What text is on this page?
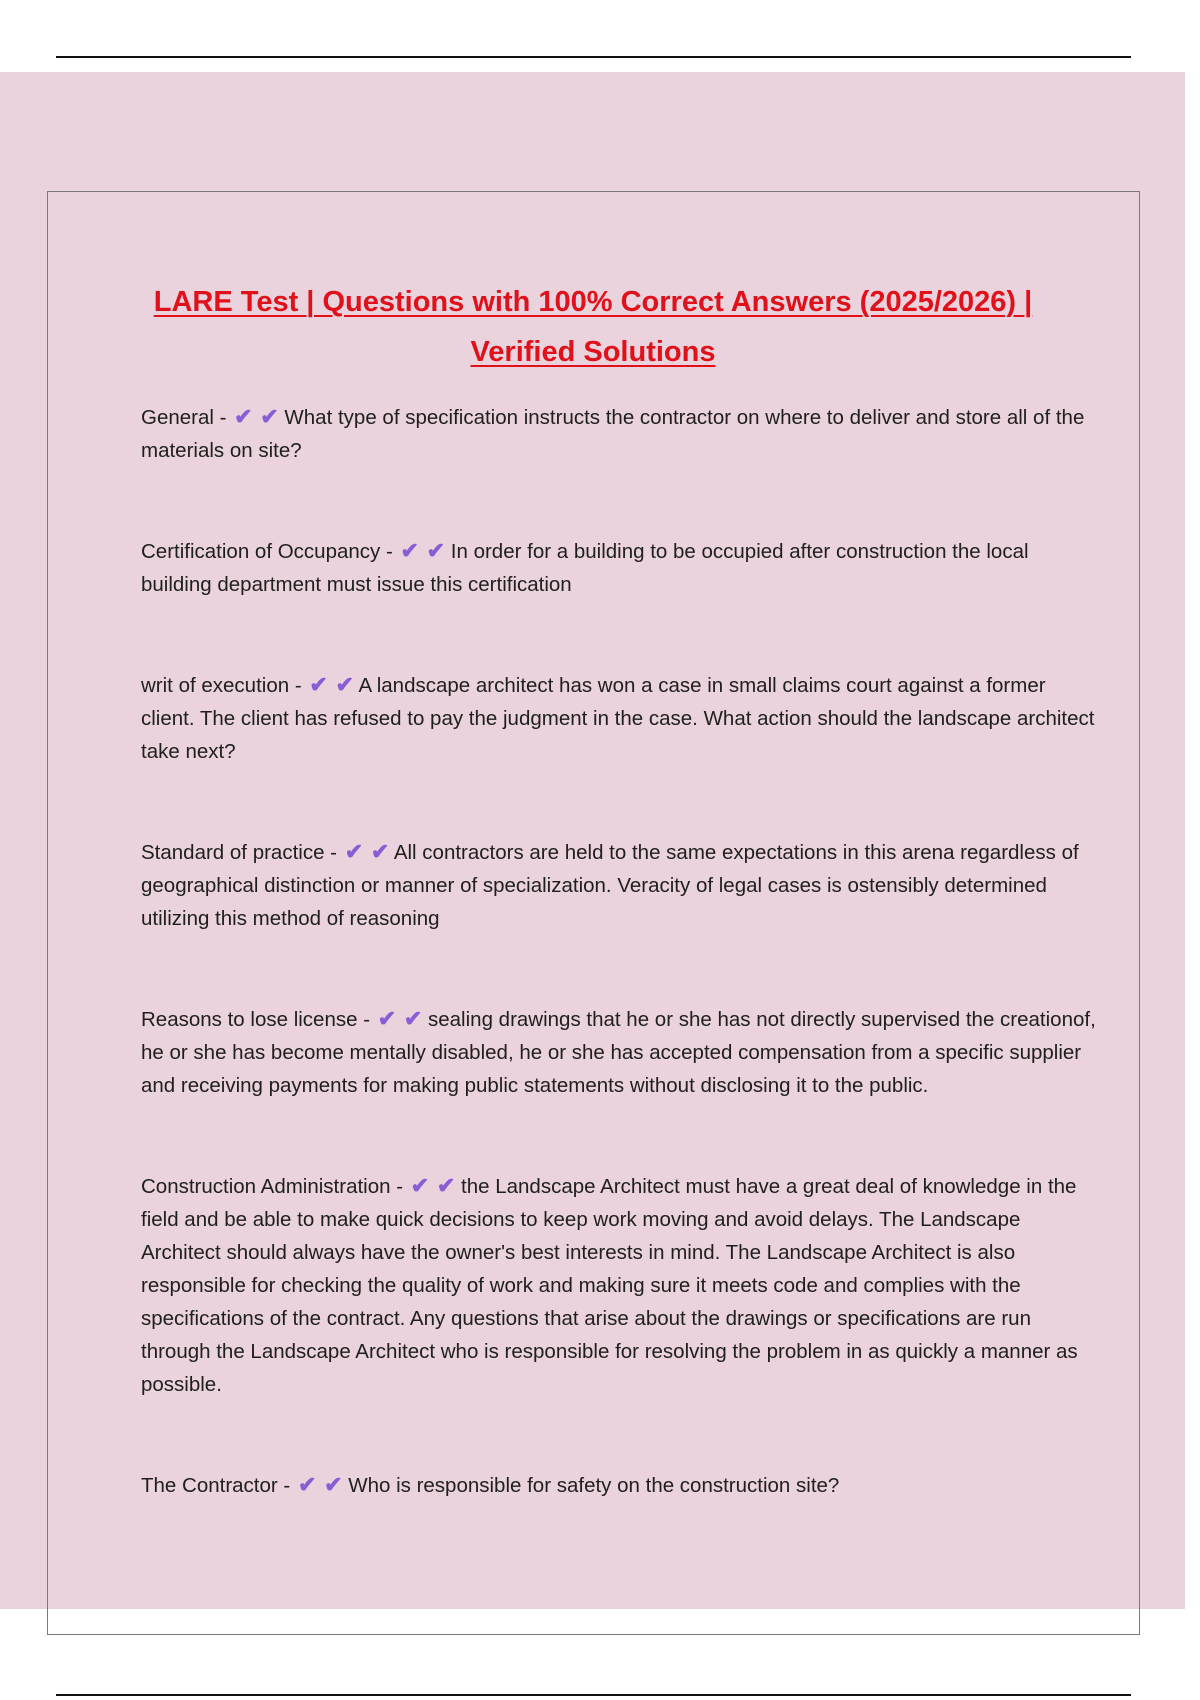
LARE Test | Questions with 100% Correct Answers (2025/2026) | Verified Solutions

General - ✔ ✔ What type of specification instructs the contractor on where to deliver and store all of the materials on site?

Certification of Occupancy - ✔ ✔ In order for a building to be occupied after construction the local building department must issue this certification

writ of execution - ✔ ✔ A landscape architect has won a case in small claims court against a former client. The client has refused to pay the judgment in the case. What action should the landscape architect take next?

Standard of practice - ✔ ✔ All contractors are held to the same expectations in this arena regardless of geographical distinction or manner of specialization. Veracity of legal cases is ostensibly determined utilizing this method of reasoning

Reasons to lose license - ✔ ✔ sealing drawings that he or she has not directly supervised the creationof, he or she has become mentally disabled, he or she has accepted compensation from a specific supplier and receiving payments for making public statements without disclosing it to the public.

Construction Administration - ✔ ✔ the Landscape Architect must have a great deal of knowledge in the field and be able to make quick decisions to keep work moving and avoid delays. The Landscape Architect should always have the owner's best interests in mind. The Landscape Architect is also responsible for checking the quality of work and making sure it meets code and complies with the specifications of the contract. Any questions that arise about the drawings or specifications are run through the Landscape Architect who is responsible for resolving the problem in as quickly a manner as possible.

The Contractor - ✔ ✔ Who is responsible for safety on the construction site?
